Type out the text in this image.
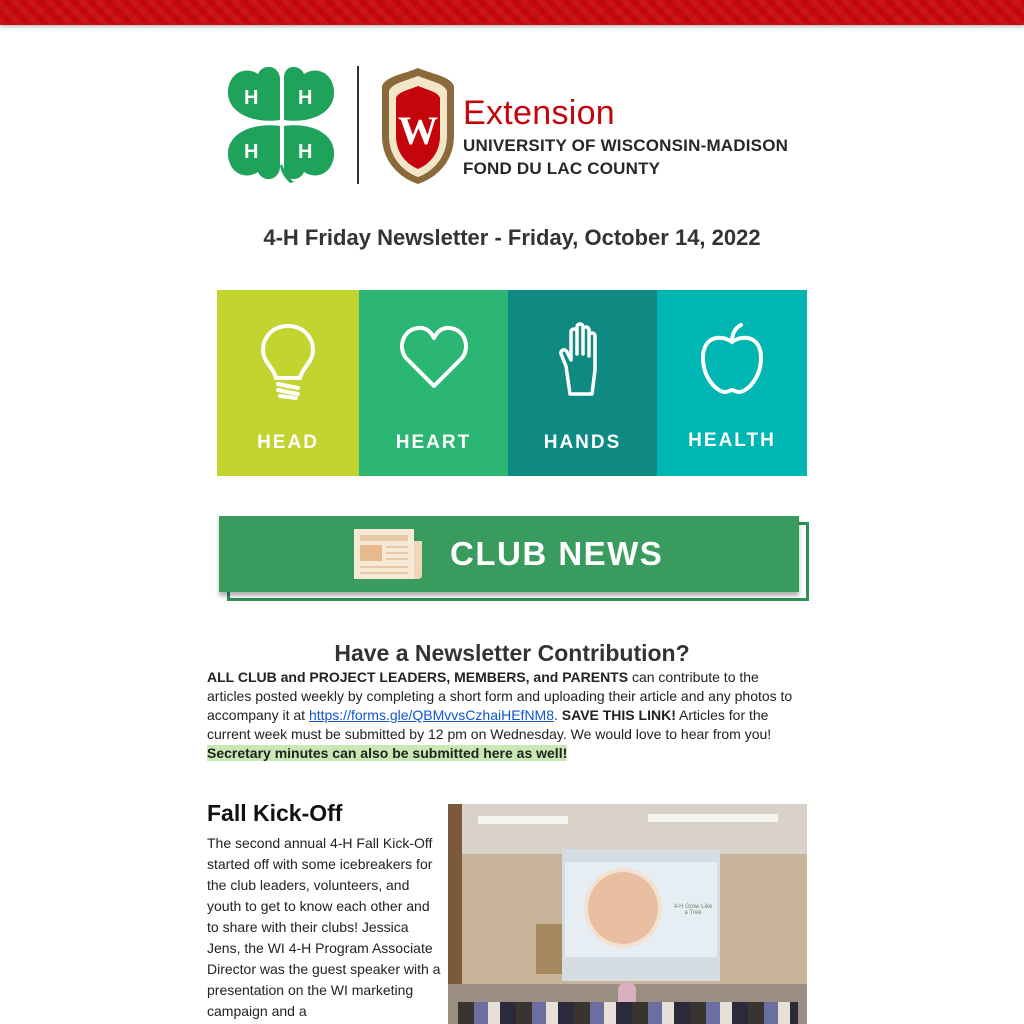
H H
H H W Extension
UNIVERSITY OF WISCONSIN-MADISON
FOND DU LAC COUNTY
4-H Friday Newsletter - Friday, October 14, 2022
HEAD	HEART	HANDS	HEALTH
CLUB NEWS
Have a Newsletter Contribution?
ALL CLUB and PROJECT LEADERS, MEMBERS, and PARENTS can contribute to the articles posted weekly by completing a short form and uploading their article and any photos to accompany it at https://forms.gle/QBMvvsCzhaiHEfNM8. SAVE THIS LINK! Articles for the current week must be submitted by 12 pm on Wednesday. We would love to hear from you!
Secretary minutes can also be submitted here as well!
Fall Kick-Off
The second annual 4-H Fall Kick-Off started off with some icebreakers for the club leaders, volunteers, and youth to get to know each other and to share with their clubs! Jessica Jens, the WI 4-H Program Associate Director was the guest speaker with a presentation on the WI marketing campaign and a
4-H Grow Like a Tree
